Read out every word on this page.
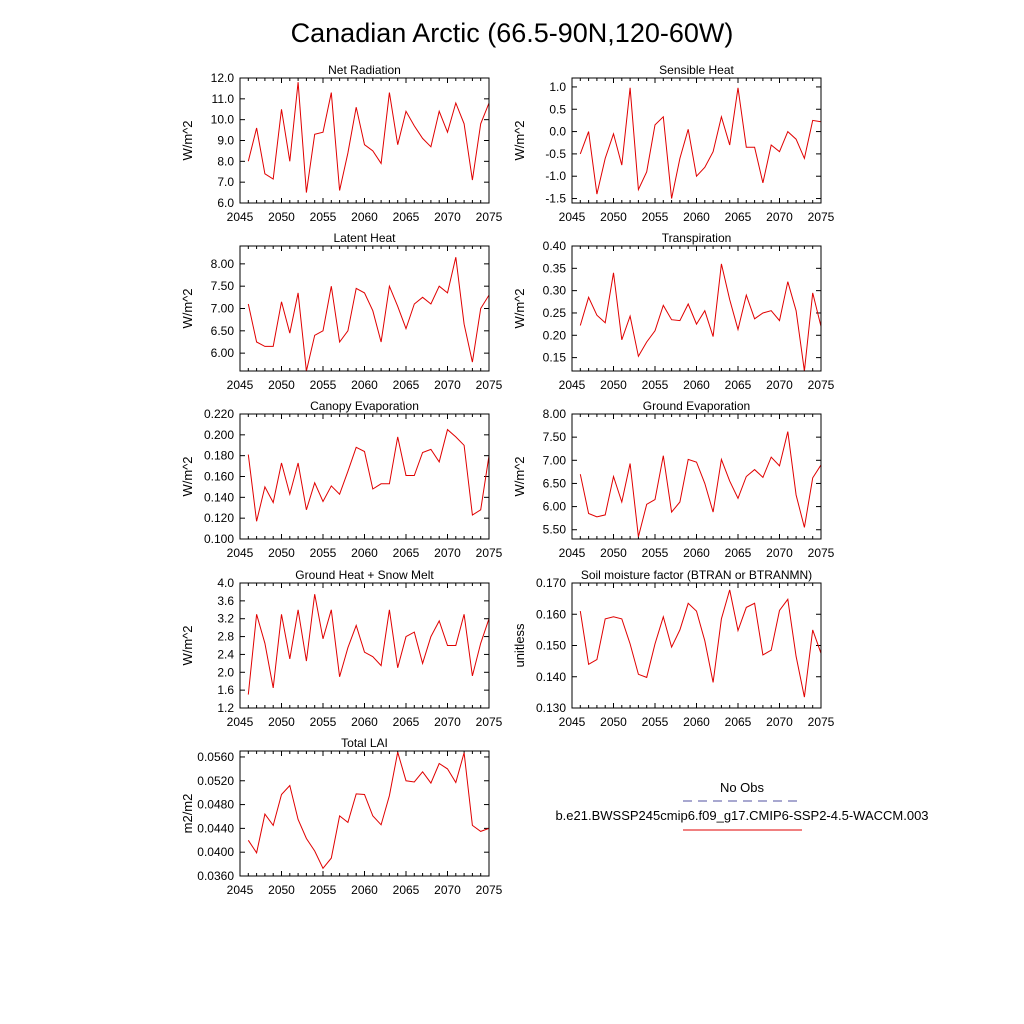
Canadian Arctic (66.5-90N,120-60W)
Net Radiation
W/m^2
2045 2050 2055 2060 2065 2070 2075
6.0
7.0
8.0
9.0
10.0
11.0
12.0
Sensible Heat
W/m^2
2045 2050 2055 2060 2065 2070 2075
-1.5
-1.0
-0.5
0.0
0.5
1.0
Latent Heat
W/m^2
2045 2050 2055 2060 2065 2070 2075
6.00
6.50
7.00
7.50
8.00
Transpiration
W/m^2
2045 2050 2055 2060 2065 2070 2075
0.15
0.20
0.25
0.30
0.35
0.40
Canopy Evaporation
W/m^2
2045 2050 2055 2060 2065 2070 2075
0.100
0.120
0.140
0.160
0.180
0.200
0.220
Ground Evaporation
W/m^2
2045 2050 2055 2060 2065 2070 2075
5.50
6.00
6.50
7.00
7.50
8.00
Ground Heat + Snow Melt
W/m^2
2045 2050 2055 2060 2065 2070 2075
1.2
1.6
2.0
2.4
2.8
3.2
3.6
4.0
Soil moisture factor (BTRAN or BTRANMN)
unitless
2045 2050 2055 2060 2065 2070 2075
0.130
0.140
0.150
0.160
0.170
Total LAI
m2/m2
2045 2050 2055 2060 2065 2070 2075
0.0360
0.0400
0.0440
0.0480
0.0520
0.0560
No Obs
b.e21.BWSSP245cmip6.f09_g17.CMIP6-SSP2-4.5-WACCM.003
